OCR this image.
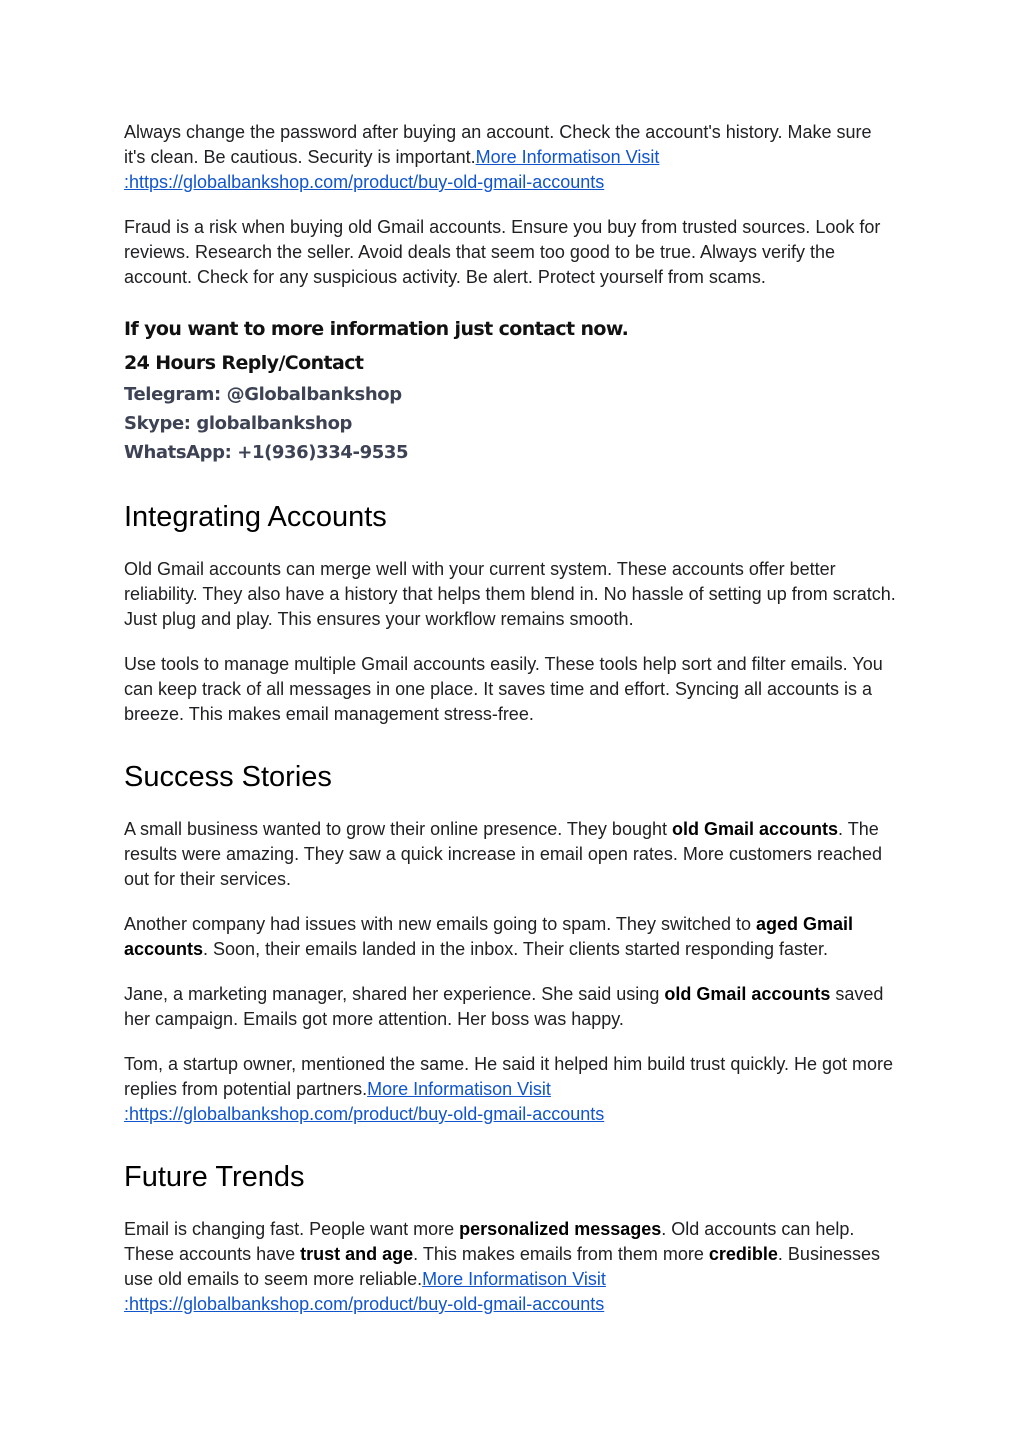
Always change the password after buying an account. Check the account's history. Make sure it's clean. Be cautious. Security is important.More Informatison Visit
:https://globalbankshop.com/product/buy-old-gmail-accounts

Fraud is a risk when buying old Gmail accounts. Ensure you buy from trusted sources. Look for reviews. Research the seller. Avoid deals that seem too good to be true. Always verify the account. Check for any suspicious activity. Be alert. Protect yourself from scams.

If you want to more information just contact now.
24 Hours Reply/Contact
Telegram: @Globalbankshop
Skype: globalbankshop
WhatsApp: +1(936)334-9535
Integrating Accounts

Old Gmail accounts can merge well with your current system. These accounts offer better reliability. They also have a history that helps them blend in. No hassle of setting up from scratch. Just plug and play. This ensures your workflow remains smooth.

Use tools to manage multiple Gmail accounts easily. These tools help sort and filter emails. You can keep track of all messages in one place. It saves time and effort. Syncing all accounts is a breeze. This makes email management stress-free.

Success Stories

A small business wanted to grow their online presence. They bought old Gmail accounts. The results were amazing. They saw a quick increase in email open rates. More customers reached out for their services.

Another company had issues with new emails going to spam. They switched to aged Gmail accounts. Soon, their emails landed in the inbox. Their clients started responding faster.

Jane, a marketing manager, shared her experience. She said using old Gmail accounts saved her campaign. Emails got more attention. Her boss was happy.

Tom, a startup owner, mentioned the same. He said it helped him build trust quickly. He got more replies from potential partners.More Informatison Visit
:https://globalbankshop.com/product/buy-old-gmail-accounts

Future Trends

Email is changing fast. People want more personalized messages. Old accounts can help. These accounts have trust and age. This makes emails from them more credible. Businesses use old emails to seem more reliable.More Informatison Visit
:https://globalbankshop.com/product/buy-old-gmail-accounts
